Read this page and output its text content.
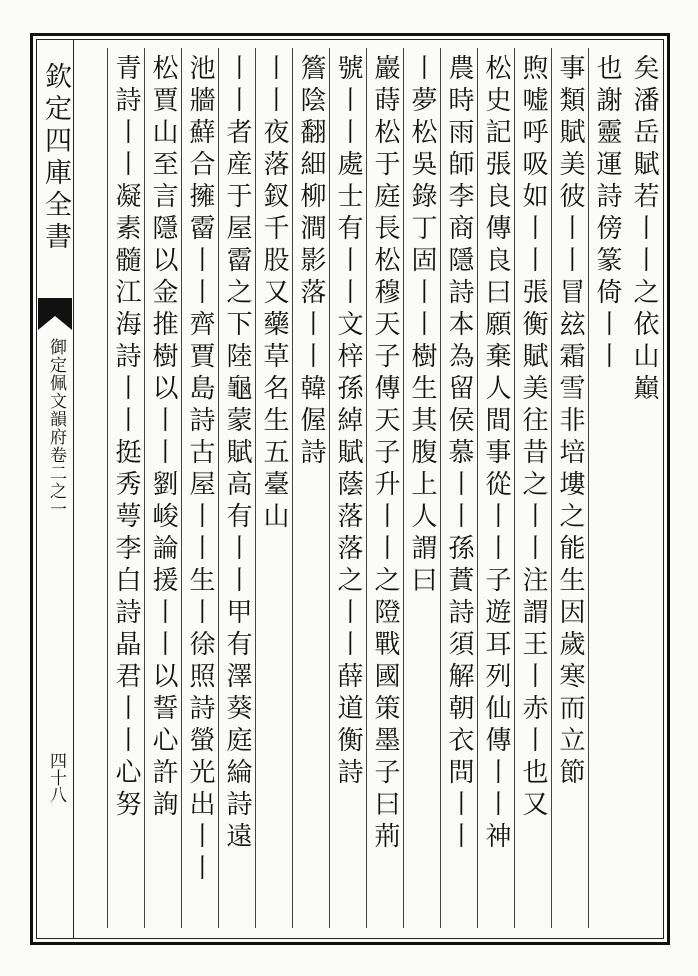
欽定四庫全書
御定佩文韻府卷二之一
四十八
矣潘岳賦若丨丨之依山巔
也謝靈運詩傍篆倚丨丨
事類賦美彼丨丨冒玆霜雪非培塿之能生因歲寒而立節
煦嘘呼吸如丨丨張衡賦美往昔之丨丨注謂王丨赤丨也又
松史記張良傳良曰願棄人間事從丨丨子遊耳列仙傳丨丨神
農時雨師李商隱詩本為留侯慕丨丨孫蕡詩須解朝衣問丨丨
丨夢松吳錄丁固丨丨樹生其腹上人謂曰
巖蒔松于庭長松穆天子傳天子升丨丨之隥戰國策墨子曰荊
號丨丨處士有丨丨文梓孫綽賦蔭落落之丨丨薛道衡詩
簷陰翻細柳澗影落丨丨韓偓詩
丨丨夜落釵千股又藥草名生五臺山
丨丨者産于屋霤之下陸龜蒙賦高有丨丨甲有澤葵庭綸詩遠
池牆蘚合擁霤丨丨齊賈島詩古屋丨丨生丨徐照詩螢光出丨丨
松賈山至言隱以金推樹以丨丨劉峻論援丨丨以誓心許詢
青詩丨丨凝素髓江海詩丨丨挺秀萼李白詩晶君丨丨心努
